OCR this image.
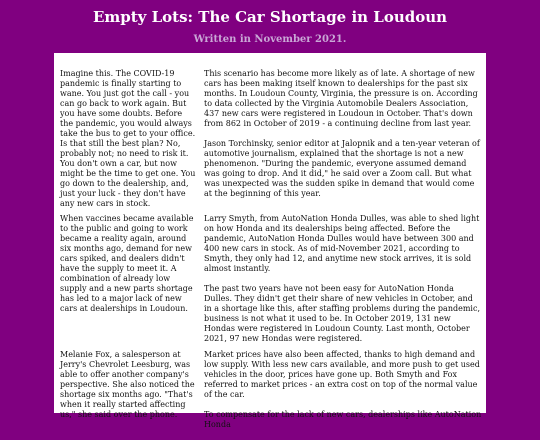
Empty Lots: The Car Shortage in Loudoun
Written in November 2021.
Imagine this. The COVID-19 pandemic is finally starting to wane. You just got the call - you can go back to work again. But you have some doubts. Before the pandemic, you would always take the bus to get to your office. Is that still the best plan? No, probably not; no need to risk it. You don't own a car, but now might be the time to get one. You go down to the dealership, and, just your luck - they don't have any new cars in stock.

This scenario has become more likely as of late. A shortage of new cars has been making itself known to dealerships for the past six months. In Loudoun County, Virginia, the pressure is on. According to data collected by the Virginia Automobile Dealers Association, 437 new cars were registered in Loudoun in October. That's down from 862 in October of 2019 - a continuing decline from last year.

Jason Torchinsky, senior editor at Jalopnik and a ten-year veteran of automotive journalism, explained that the shortage is not a new phenomenon. "During the pandemic, everyone assumed demand was going to drop. And it did," he said over a Zoom call. But what was unexpected was the sudden spike in demand that would come at the beginning of this year.

When vaccines became available to the public and going to work became a reality again, around six months ago, demand for new cars spiked, and dealers didn't have the supply to meet it. A combination of already low supply and a new parts shortage has led to a major lack of new cars at dealerships in Loudoun.

Larry Smyth, from AutoNation Honda Dulles, was able to shed light on how Honda and its dealerships being affected. Before the pandemic, AutoNation Honda Dulles would have between 300 and 400 new cars in stock. As of mid-November 2021, according to Smyth, they only had 12, and anytime new stock arrives, it is sold almost instantly.

The past two years have not been easy for AutoNation Honda Dulles. They didn't get their share of new vehicles in October, and in a shortage like this, after staffing problems during the pandemic, business is not what it used to be. In October 2019, 131 new Hondas were registered in Loudoun County. Last month, October 2021, 97 new Hondas were registered.

Melanie Fox, a salesperson at Jerry's Chevrolet Leesburg, was able to offer another company's perspective. She also noticed the shortage six months ago. "That's when it really started affecting us," she said over the phone.

Market prices have also been affected, thanks to high demand and low supply. With less new cars available, and more push to get used vehicles in the door, prices have gone up. Both Smyth and Fox referred to market prices - an extra cost on top of the normal value of the car.

To compensate for the lack of new cars, dealerships like AutoNation Honda
